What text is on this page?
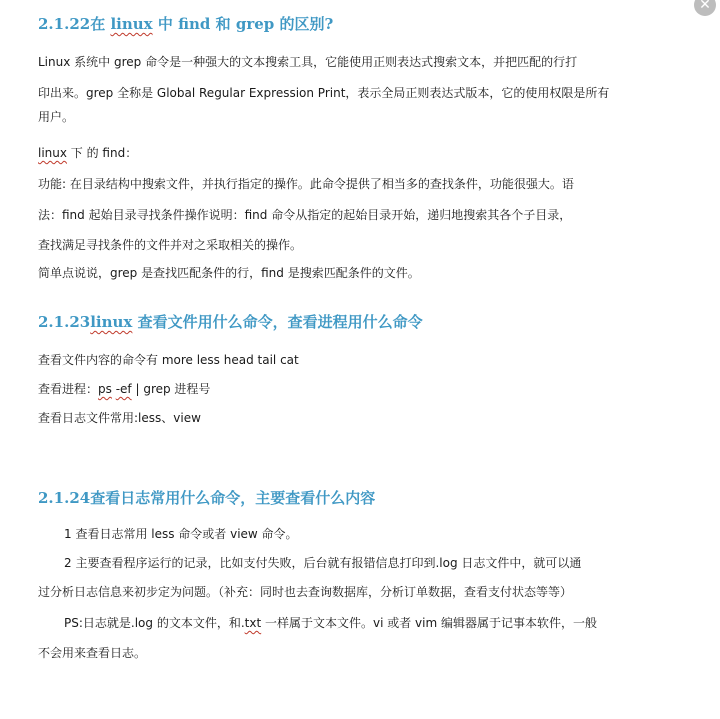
✕
2.1.22在 linux 中 find 和 grep 的区别?

Linux 系统中 grep 命令是一种强大的文本搜索工具，它能使用正则表达式搜索文本，并把匹配的行打

印出来。grep 全称是 Global Regular Expression Print，表示全局正则表达式版本，它的使用权限是所有

用户。

linux 下 的 find：

功能: 在目录结构中搜索文件，并执行指定的操作。此命令提供了相当多的查找条件，功能很强大。语

法：find 起始目录寻找条件操作说明：find 命令从指定的起始目录开始，递归地搜索其各个子目录，

查找满足寻找条件的文件并对之采取相关的操作。

简单点说说，grep 是查找匹配条件的行，find 是搜索匹配条件的文件。

2.1.23linux 查看文件用什么命令，查看进程用什么命令

查看文件内容的命令有 more less head tail cat

查看进程：ps -ef | grep 进程号

查看日志文件常用:less、view

2.1.24查看日志常用什么命令，主要查看什么内容

1 查看日志常用 less 命令或者 view 命令。

2 主要查看程序运行的记录，比如支付失败，后台就有报错信息打印到.log 日志文件中，就可以通

过分析日志信息来初步定为问题。（补充：同时也去查询数据库，分析订单数据，查看支付状态等等）

PS:日志就是.log 的文本文件，和.txt 一样属于文本文件。vi 或者 vim 编辑器属于记事本软件，一般

不会用来查看日志。
